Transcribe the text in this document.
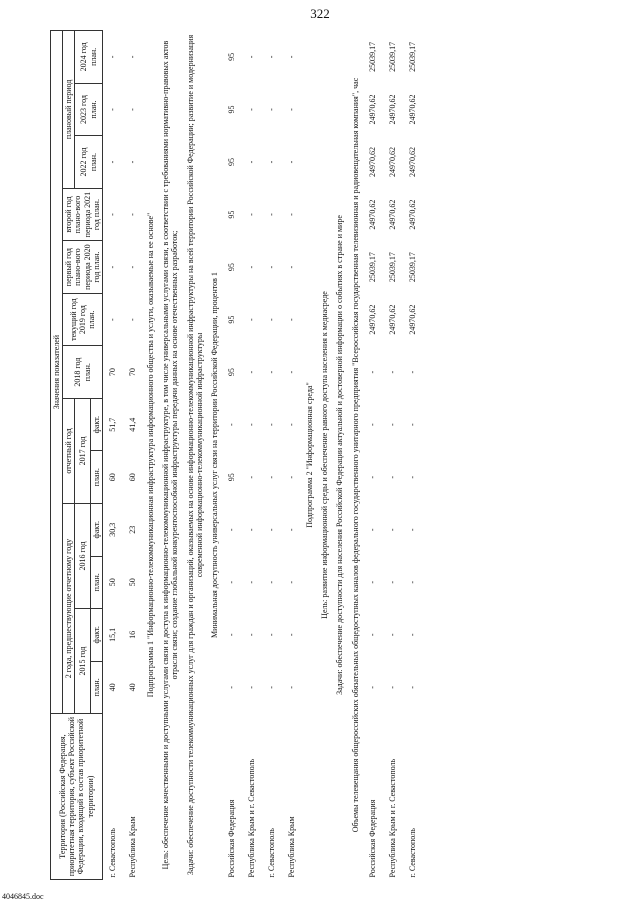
322
Территория (Российская Федерация, приоритетная территория, субъект Российской Федерации, входящий в состав приоритетной территории)	Значения показателей												
	2 года, предшествующие отчетному году				отчетный год		2018 год план.	текущий год 2019 год план.	первый год плано-вого периода 2020 год план.	второй год плано-вого периода 2021 год план.	плановый период		
	2015 год		2016 год		2017 год						2022 год план.	2023 год план.	2024 год план.
	план.	факт.	план.	факт.	план.	факт.							
г. Севастополь	40	15,1	50	30,3	60	51,7	70	-	-	-	-	-	-
Республика Крым	40	16	50	23	60	41,4	70	-	-	-	-	-	-

Подпрограмма 1 "Информационно-телекоммуникационная инфраструктура информационного общества и услуги, оказываемые на ее основе"													

Цель: обеспечение качественными и доступными услугами связи и доступа к информационно-телекоммуникационной инфраструктуре, в том числе универсальными услугами связи, в соответствии с требованиями нормативно-правовых актов отрасли связи; создание глобальной конкурентоспособной инфраструктуры передачи данных на основе отечественных разработок;													

Задачи: обеспечение доступности телекоммуникационных услуг для граждан и организаций, оказываемых на основе информационно-телекоммуникационной инфраструктуры на всей территории Российской Федерации; развитие и модернизация современной информационно-телекоммуникационной инфраструктуры													

Минимальная доступность универсальных услуг связи на территории Российской Федерации, процентов 1													

Российская Федерация	-	-	-	-	95	-	95	95	95	95	95	95	95
Республика Крым и г. Севастополь	-	-	-	-	-	-	-	-	-	-	-	-	-
г. Севастополь	-	-	-	-	-	-	-	-	-	-	-	-	-
Республика Крым	-	-	-	-	-	-	-	-	-	-	-	-	-

Подпрограмма 2 "Информационная среда"													

Цель: развитие информационной среды и обеспечение равного доступа населения к медиасреде													

Задачи: обеспечение доступности для населения Российской Федерации актуальной и достоверной информации о событиях в стране и мире													

Объемы телевещания общероссийских обязательных общедоступных каналов федерального государственного унитарного предприятия "Всероссийская государственная телевизионная и радиовещательная компания", час													

Российская Федерация	-	-	-	-	-	-	-	24970,62	25039,17	24970,62	24970,62	24970,62	25039,17
Республика Крым и г. Севастополь	-	-	-	-	-	-	-	24970,62	25039,17	24970,62	24970,62	24970,62	25039,17
г. Севастополь	-	-	-	-	-	-	-	24970,62	25039,17	24970,62	24970,62	24970,62	25039,17
4046845.doc
